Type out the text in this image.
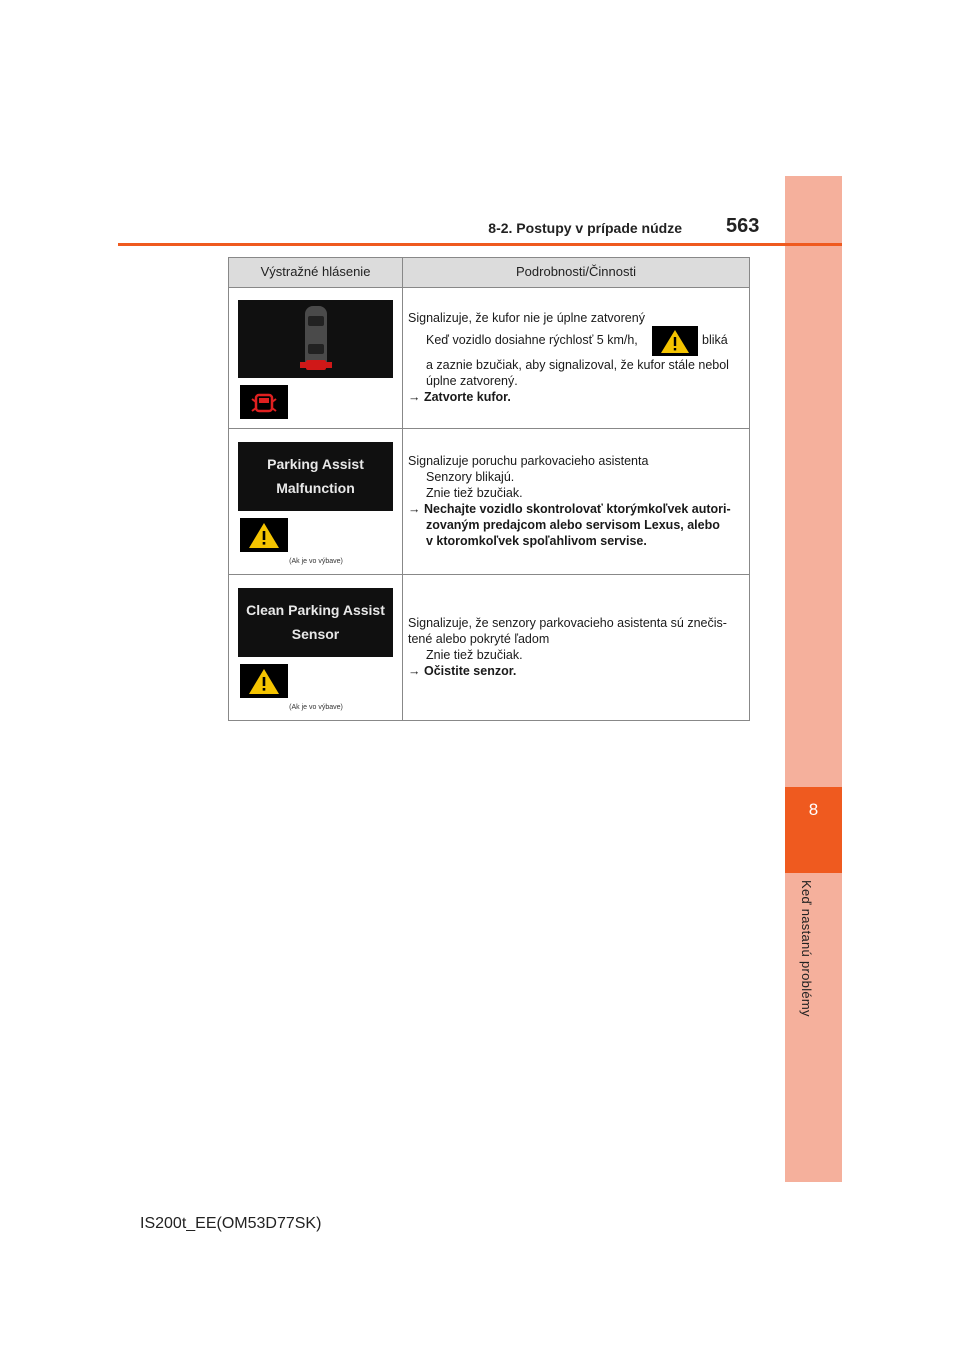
8
Keď nastanú problémy
8-2. Postupy v prípade núdze 563
Výstražné hlásenie	Podrobnosti/Činnosti
Signalizuje, že kufor nie je úplne zatvorený
Keď vozidlo dosiahne rýchlosť 5 km/h,	bliká
a zaznie bzučiak, aby signalizoval, že kufor stále nebol úplne zatvorený.
→ Zatvorte kufor.
Parking Assist
Malfunction
(Ak je vo výbave)
Signalizuje poruchu parkovacieho asistenta
Senzory blikajú.
Znie tiež bzučiak.
→ Nechajte vozidlo skontrolovať ktorýmkoľvek autori-
zovaným predajcom alebo servisom Lexus, alebo
v ktoromkoľvek spoľahlivom servise.
Clean Parking Assist
Sensor
(Ak je vo výbave)
Signalizuje, že senzory parkovacieho asistenta sú znečis-
tené alebo pokryté ľadom
Znie tiež bzučiak.
→ Očistite senzor.
IS200t_EE(OM53D77SK)
